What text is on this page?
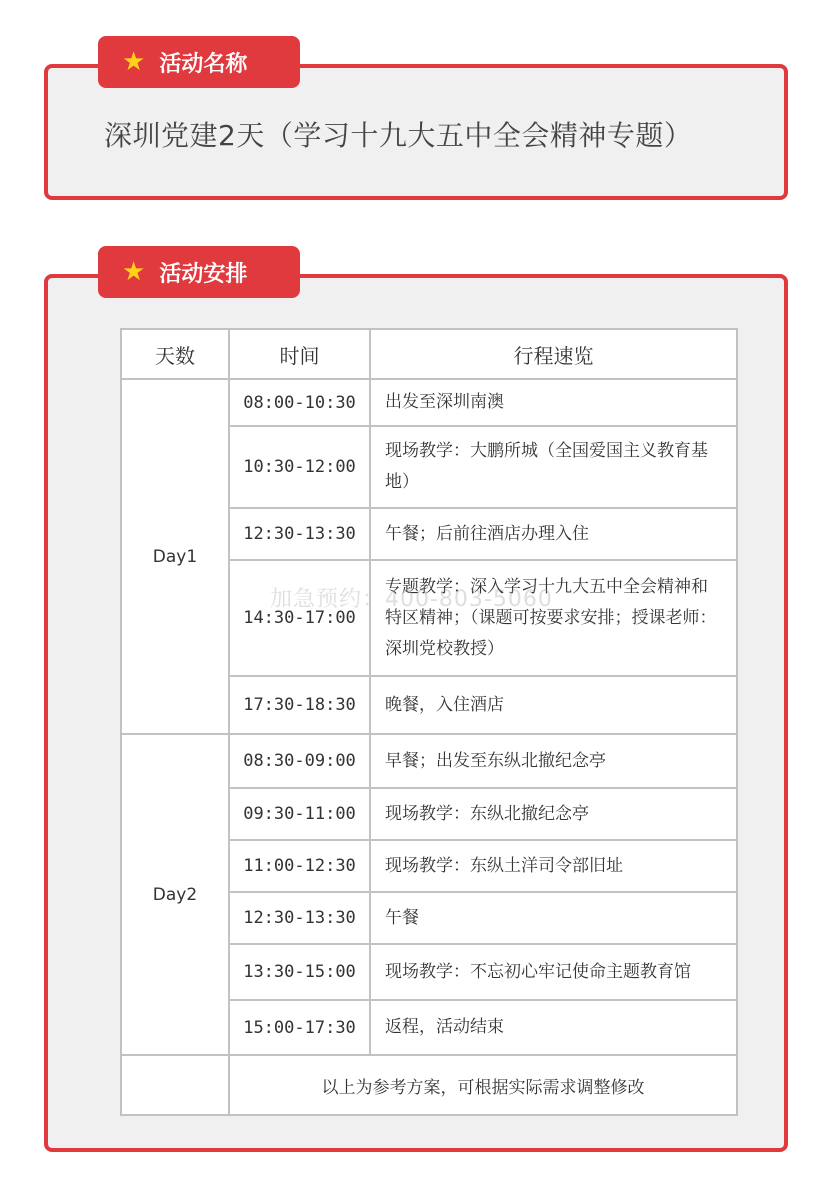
深圳党建2天（学习十九大五中全会精神专题）
★ 活动名称
天数	时间	行程速览
Day1	08:00-10:30	出发至深圳南澳
	10:30-12:00	现场教学：大鹏所城（全国爱国主义教育基地）
	12:30-13:30	午餐；后前往酒店办理入住
	14:30-17:00	专题教学：深入学习十九大五中全会精神和特区精神；（课题可按要求安排；授课老师：深圳党校教授）
	17:30-18:30	晚餐，入住酒店
Day2	08:30-09:00	早餐；出发至东纵北撤纪念亭
	09:30-11:00	现场教学：东纵北撤纪念亭
	11:00-12:30	现场教学：东纵土洋司令部旧址
	12:30-13:30	午餐
	13:30-15:00	现场教学：不忘初心牢记使命主题教育馆
	15:00-17:30	返程，活动结束
	以上为参考方案，可根据实际需求调整修改	
★ 活动安排
加急预约：400-803-5060
